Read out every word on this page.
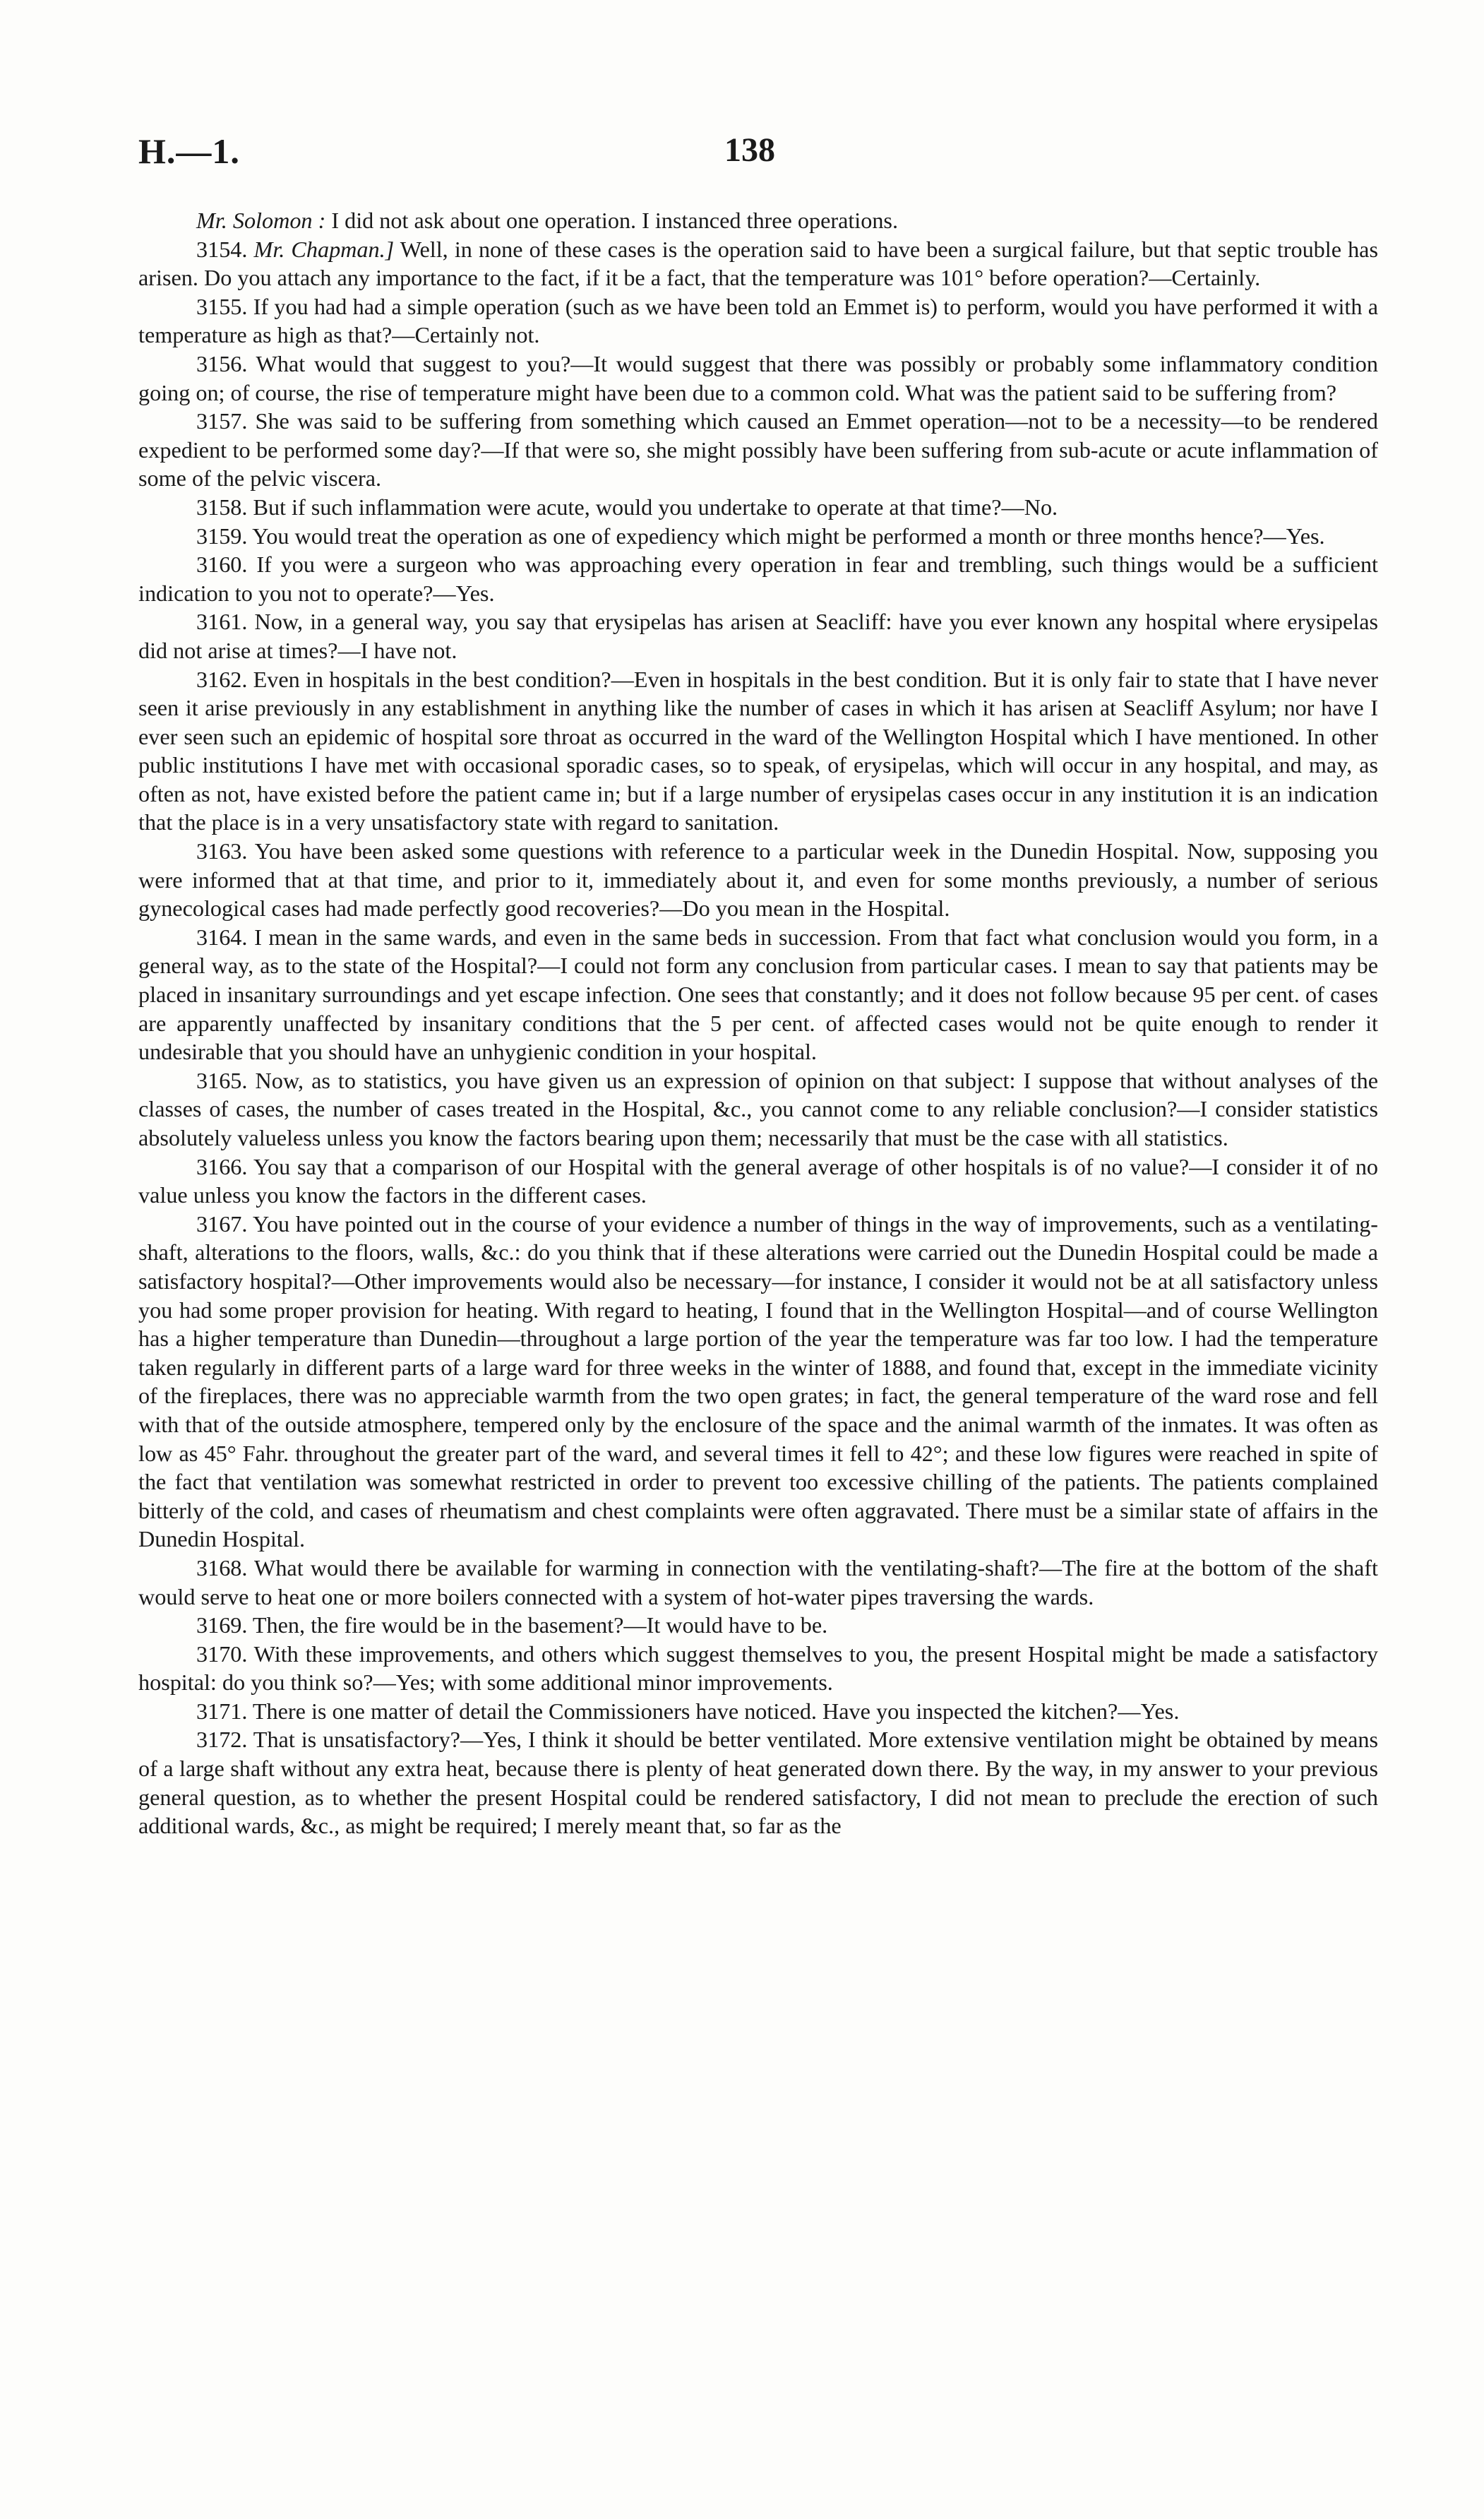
H.—1.	138

Mr. Solomon : I did not ask about one operation. I instanced three operations.

3154. Mr. Chapman.] Well, in none of these cases is the operation said to have been a surgical failure, but that septic trouble has arisen. Do you attach any importance to the fact, if it be a fact, that the temperature was 101° before operation?—Certainly.

3155. If you had had a simple operation (such as we have been told an Emmet is) to perform, would you have performed it with a temperature as high as that?—Certainly not.

3156. What would that suggest to you?—It would suggest that there was possibly or probably some inflammatory condition going on; of course, the rise of temperature might have been due to a common cold. What was the patient said to be suffering from?

3157. She was said to be suffering from something which caused an Emmet operation—not to be a necessity—to be rendered expedient to be performed some day?—If that were so, she might possibly have been suffering from sub-acute or acute inflammation of some of the pelvic viscera.

3158. But if such inflammation were acute, would you undertake to operate at that time?—No.

3159. You would treat the operation as one of expediency which might be performed a month or three months hence?—Yes.

3160. If you were a surgeon who was approaching every operation in fear and trembling, such things would be a sufficient indication to you not to operate?—Yes.

3161. Now, in a general way, you say that erysipelas has arisen at Seacliff: have you ever known any hospital where erysipelas did not arise at times?—I have not.

3162. Even in hospitals in the best condition?—Even in hospitals in the best condition. But it is only fair to state that I have never seen it arise previously in any establishment in anything like the number of cases in which it has arisen at Seacliff Asylum; nor have I ever seen such an epidemic of hospital sore throat as occurred in the ward of the Wellington Hospital which I have mentioned. In other public institutions I have met with occasional sporadic cases, so to speak, of erysipelas, which will occur in any hospital, and may, as often as not, have existed before the patient came in; but if a large number of erysipelas cases occur in any institution it is an indication that the place is in a very unsatisfactory state with regard to sanitation.

3163. You have been asked some questions with reference to a particular week in the Dunedin Hospital. Now, supposing you were informed that at that time, and prior to it, immediately about it, and even for some months previously, a number of serious gynecological cases had made perfectly good recoveries?—Do you mean in the Hospital.

3164. I mean in the same wards, and even in the same beds in succession. From that fact what conclusion would you form, in a general way, as to the state of the Hospital?—I could not form any conclusion from particular cases. I mean to say that patients may be placed in insanitary surroundings and yet escape infection. One sees that constantly; and it does not follow because 95 per cent. of cases are apparently unaffected by insanitary conditions that the 5 per cent. of affected cases would not be quite enough to render it undesirable that you should have an unhygienic condition in your hospital.

3165. Now, as to statistics, you have given us an expression of opinion on that subject: I suppose that without analyses of the classes of cases, the number of cases treated in the Hospital, &c., you cannot come to any reliable conclusion?—I consider statistics absolutely valueless unless you know the factors bearing upon them; necessarily that must be the case with all statistics.

3166. You say that a comparison of our Hospital with the general average of other hospitals is of no value?—I consider it of no value unless you know the factors in the different cases.

3167. You have pointed out in the course of your evidence a number of things in the way of improvements, such as a ventilating-shaft, alterations to the floors, walls, &c.: do you think that if these alterations were carried out the Dunedin Hospital could be made a satisfactory hospital?—Other improvements would also be necessary—for instance, I consider it would not be at all satisfactory unless you had some proper provision for heating. With regard to heating, I found that in the Wellington Hospital—and of course Wellington has a higher temperature than Dunedin—throughout a large portion of the year the temperature was far too low. I had the temperature taken regularly in different parts of a large ward for three weeks in the winter of 1888, and found that, except in the immediate vicinity of the fireplaces, there was no appreciable warmth from the two open grates; in fact, the general temperature of the ward rose and fell with that of the outside atmosphere, tempered only by the enclosure of the space and the animal warmth of the inmates. It was often as low as 45° Fahr. throughout the greater part of the ward, and several times it fell to 42°; and these low figures were reached in spite of the fact that ventilation was somewhat restricted in order to prevent too excessive chilling of the patients. The patients complained bitterly of the cold, and cases of rheumatism and chest complaints were often aggravated. There must be a similar state of affairs in the Dunedin Hospital.

3168. What would there be available for warming in connection with the ventilating-shaft?—The fire at the bottom of the shaft would serve to heat one or more boilers connected with a system of hot-water pipes traversing the wards.

3169. Then, the fire would be in the basement?—It would have to be.

3170. With these improvements, and others which suggest themselves to you, the present Hospital might be made a satisfactory hospital: do you think so?—Yes; with some additional minor improvements.

3171. There is one matter of detail the Commissioners have noticed. Have you inspected the kitchen?—Yes.

3172. That is unsatisfactory?—Yes, I think it should be better ventilated. More extensive ventilation might be obtained by means of a large shaft without any extra heat, because there is plenty of heat generated down there. By the way, in my answer to your previous general question, as to whether the present Hospital could be rendered satisfactory, I did not mean to preclude the erection of such additional wards, &c., as might be required; I merely meant that, so far as the
